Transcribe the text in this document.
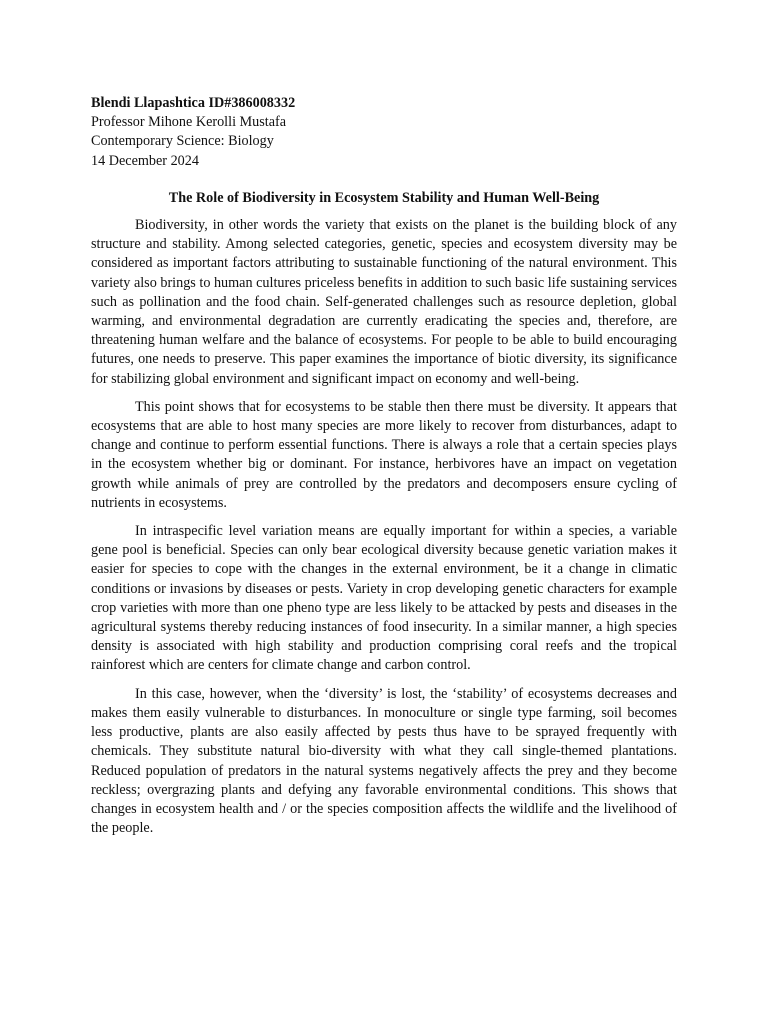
Blendi Llapashtica ID#386008332
Professor Mihone Kerolli Mustafa
Contemporary Science: Biology
14 December 2024
The Role of Biodiversity in Ecosystem Stability and Human Well-Being

Biodiversity, in other words the variety that exists on the planet is the building block of any structure and stability. Among selected categories, genetic, species and ecosystem diversity may be considered as important factors attributing to sustainable functioning of the natural environment. This variety also brings to human cultures priceless benefits in addition to such basic life sustaining services such as pollination and the food chain. Self-generated challenges such as resource depletion, global warming, and environmental degradation are currently eradicating the species and, therefore, are threatening human welfare and the balance of ecosystems. For people to be able to build encouraging futures, one needs to preserve. This paper examines the importance of biotic diversity, its significance for stabilizing global environment and significant impact on economy and well-being.

This point shows that for ecosystems to be stable then there must be diversity. It appears that ecosystems that are able to host many species are more likely to recover from disturbances, adapt to change and continue to perform essential functions. There is always a role that a certain species plays in the ecosystem whether big or dominant. For instance, herbivores have an impact on vegetation growth while animals of prey are controlled by the predators and decomposers ensure cycling of nutrients in ecosystems.

In intraspecific level variation means are equally important for within a species, a variable gene pool is beneficial. Species can only bear ecological diversity because genetic variation makes it easier for species to cope with the changes in the external environment, be it a change in climatic conditions or invasions by diseases or pests. Variety in crop developing genetic characters for example crop varieties with more than one pheno type are less likely to be attacked by pests and diseases in the agricultural systems thereby reducing instances of food insecurity. In a similar manner, a high species density is associated with high stability and production comprising coral reefs and the tropical rainforest which are centers for climate change and carbon control.

In this case, however, when the ‘diversity’ is lost, the ‘stability’ of ecosystems decreases and makes them easily vulnerable to disturbances. In monoculture or single type farming, soil becomes less productive, plants are also easily affected by pests thus have to be sprayed frequently with chemicals. They substitute natural bio-diversity with what they call single-themed plantations. Reduced population of predators in the natural systems negatively affects the prey and they become reckless; overgrazing plants and defying any favorable environmental conditions. This shows that changes in ecosystem health and / or the species composition affects the wildlife and the livelihood of the people.
